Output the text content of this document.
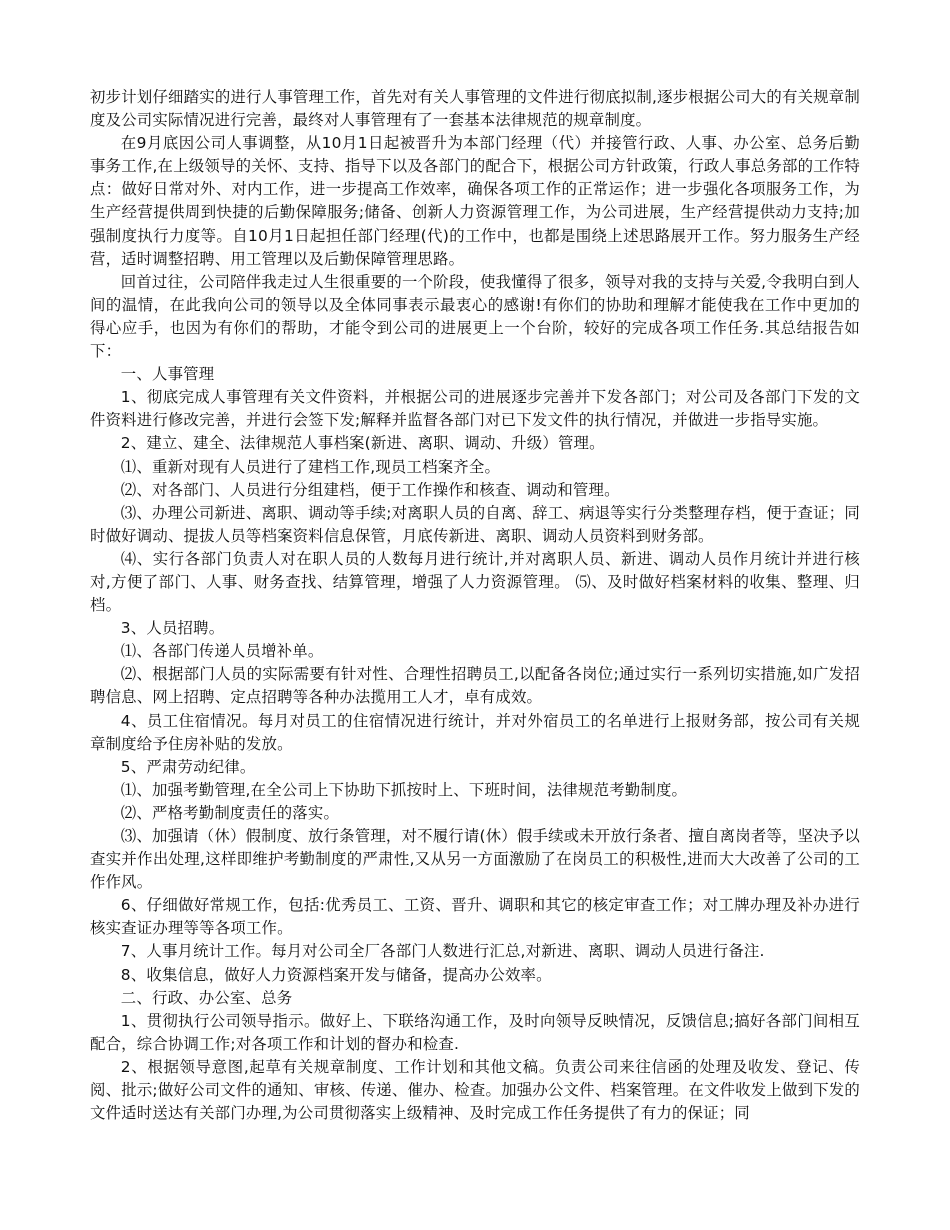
初步计划仔细踏实的进行人事管理工作，首先对有关人事管理的文件进行彻底拟制,逐步根据公司大的有关规章制度及公司实际情况进行完善，最终对人事管理有了一套基本法律规范的规章制度。

在9月底因公司人事调整，从10月1日起被晋升为本部门经理（代）并接管行政、人事、办公室、总务后勤事务工作,在上级领导的关怀、支持、指导下以及各部门的配合下，根据公司方针政策，行政人事总务部的工作特点：做好日常对外、对内工作，进一步提高工作效率，确保各项工作的正常运作；进一步强化各项服务工作，为生产经营提供周到快捷的后勤保障服务;储备、创新人力资源管理工作，为公司进展，生产经营提供动力支持;加强制度执行力度等。自10月1日起担任部门经理(代)的工作中，也都是围绕上述思路展开工作。努力服务生产经营，适时调整招聘、用工管理以及后勤保障管理思路。

回首过往，公司陪伴我走过人生很重要的一个阶段，使我懂得了很多，领导对我的支持与关爱,令我明白到人间的温情，在此我向公司的领导以及全体同事表示最衷心的感谢!有你们的协助和理解才能使我在工作中更加的得心应手，也因为有你们的帮助，才能令到公司的进展更上一个台阶，较好的完成各项工作任务.其总结报告如下：

一、人事管理

1、彻底完成人事管理有关文件资料，并根据公司的进展逐步完善并下发各部门；对公司及各部门下发的文件资料进行修改完善，并进行会签下发;解释并监督各部门对已下发文件的执行情况，并做进一步指导实施。

2、建立、建全、法律规范人事档案(新进、离职、调动、升级）管理。

⑴、重新对现有人员进行了建档工作,现员工档案齐全。

⑵、对各部门、人员进行分组建档，便于工作操作和核查、调动和管理。

⑶、办理公司新进、离职、调动等手续;对离职人员的自离、辞工、病退等实行分类整理存档，便于查证；同时做好调动、提拔人员等档案资料信息保管，月底传新进、离职、调动人员资料到财务部。

⑷、实行各部门负责人对在职人员的人数每月进行统计,并对离职人员、新进、调动人员作月统计并进行核对,方便了部门、人事、财务查找、结算管理，增强了人力资源管理。 ⑸、及时做好档案材料的收集、整理、归档。

3、人员招聘。

⑴、各部门传递人员增补单。

⑵、根据部门人员的实际需要有针对性、合理性招聘员工,以配备各岗位;通过实行一系列切实措施,如广发招聘信息、网上招聘、定点招聘等各种办法揽用工人才，卓有成效。

4、员工住宿情况。每月对员工的住宿情况进行统计，并对外宿员工的名单进行上报财务部，按公司有关规章制度给予住房补贴的发放。

5、严肃劳动纪律。

⑴、加强考勤管理,在全公司上下协助下抓按时上、下班时间，法律规范考勤制度。

⑵、严格考勤制度责任的落实。

⑶、加强请（休）假制度、放行条管理，对不履行请(休）假手续或未开放行条者、擅自离岗者等，坚决予以查实并作出处理,这样即维护考勤制度的严肃性,又从另一方面激励了在岗员工的积极性,进而大大改善了公司的工作作风。

6、仔细做好常规工作，包括:优秀员工、工资、晋升、调职和其它的核定审查工作；对工牌办理及补办进行核实查证办理等等各项工作。

7、人事月统计工作。每月对公司全厂各部门人数进行汇总,对新进、离职、调动人员进行备注.

8、收集信息，做好人力资源档案开发与储备，提高办公效率。

二、行政、办公室、总务

1、贯彻执行公司领导指示。做好上、下联络沟通工作，及时向领导反映情况，反馈信息;搞好各部门间相互配合，综合协调工作;对各项工作和计划的督办和检查.

2、根据领导意图,起草有关规章制度、工作计划和其他文稿。负责公司来往信函的处理及收发、登记、传阅、批示;做好公司文件的通知、审核、传递、催办、检查。加强办公文件、档案管理。在文件收发上做到下发的文件适时送达有关部门办理,为公司贯彻落实上级精神、及时完成工作任务提供了有力的保证；同
